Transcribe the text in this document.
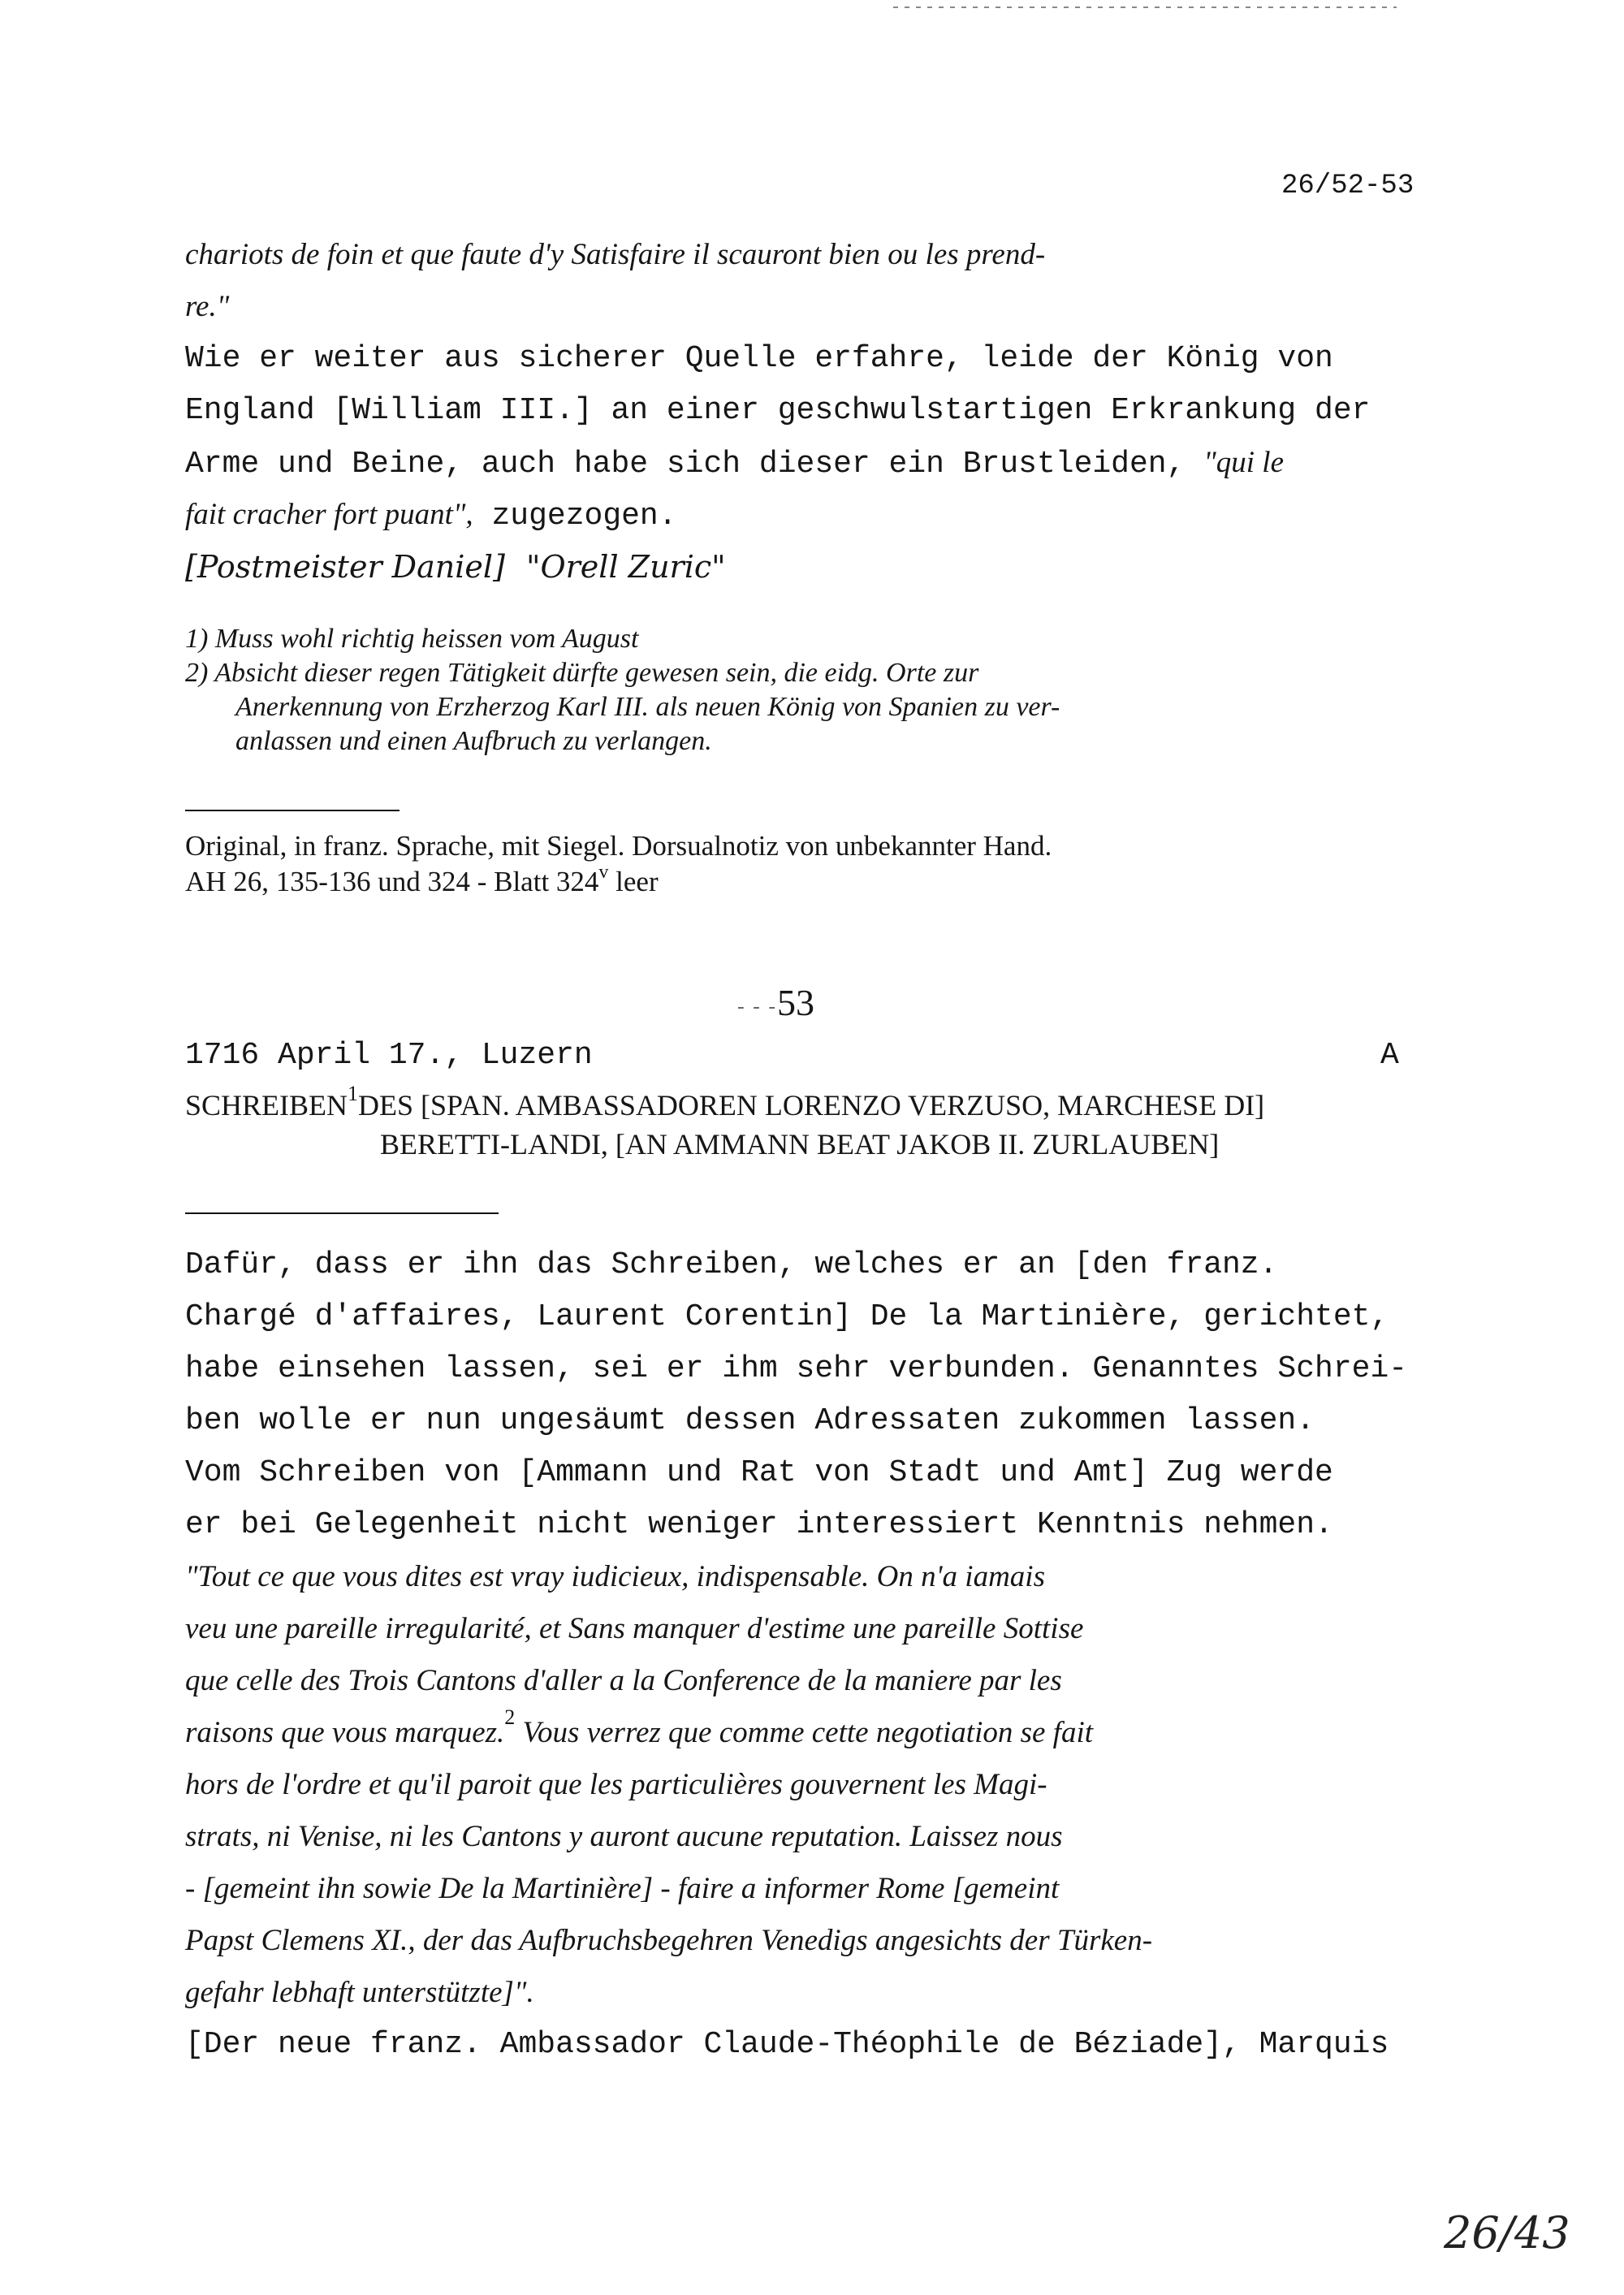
26/52-53
chariots de foin et que faute d'y Satisfaire il scauront bien ou les prend-
re."
Wie er weiter aus sicherer Quelle erfahre, leide der König von
England [William III.] an einer geschwulstartigen Erkrankung der
Arme und Beine, auch habe sich dieser ein Brustleiden, "qui le
fait cracher fort puant", zugezogen.
[Postmeister Daniel] "Orell Zuric"
1) Muss wohl richtig heissen vom August
2) Absicht dieser regen Tätigkeit dürfte gewesen sein, die eidg. Orte zur
Anerkennung von Erzherzog Karl III. als neuen König von Spanien zu ver-
anlassen und einen Aufbruch zu verlangen.
Original, in franz. Sprache, mit Siegel. Dorsualnotiz von unbekannter Hand.
AH 26, 135-136 und 324 - Blatt 324$^v$ leer
- - -53
1716 April 17., Luzern	A
SCHREIBEN$^1$DES [SPAN. AMBASSADOREN LORENZO VERZUSO, MARCHESE DI]
BERETTI-LANDI, [AN AMMANN BEAT JAKOB II. ZURLAUBEN]
Dafür, dass er ihn das Schreiben, welches er an [den franz.
Chargé d'affaires, Laurent Corentin] De la Martinière, gerichtet,
habe einsehen lassen, sei er ihm sehr verbunden. Genanntes Schrei-
ben wolle er nun ungesäumt dessen Adressaten zukommen lassen.
Vom Schreiben von [Ammann und Rat von Stadt und Amt] Zug werde
er bei Gelegenheit nicht weniger interessiert Kenntnis nehmen.
"Tout ce que vous dites est vray iudicieux, indispensable. On n'a iamais
veu une pareille irregularité, et Sans manquer d'estime une pareille Sottise
que celle des Trois Cantons d'aller a la Conference de la maniere par les
raisons que vous marquez.$^2$ Vous verrez que comme cette negotiation se fait
hors de l'ordre et qu'il paroit que les particulières gouvernent les Magi-
strats, ni Venise, ni les Cantons y auront aucune reputation. Laissez nous
- [gemeint ihn sowie De la Martinière] - faire a informer Rome [gemeint
Papst Clemens XI., der das Aufbruchsbegehren Venedigs angesichts der Türken-
gefahr lebhaft unterstützte]".
[Der neue franz. Ambassador Claude-Théophile de Béziade], Marquis
26/43
